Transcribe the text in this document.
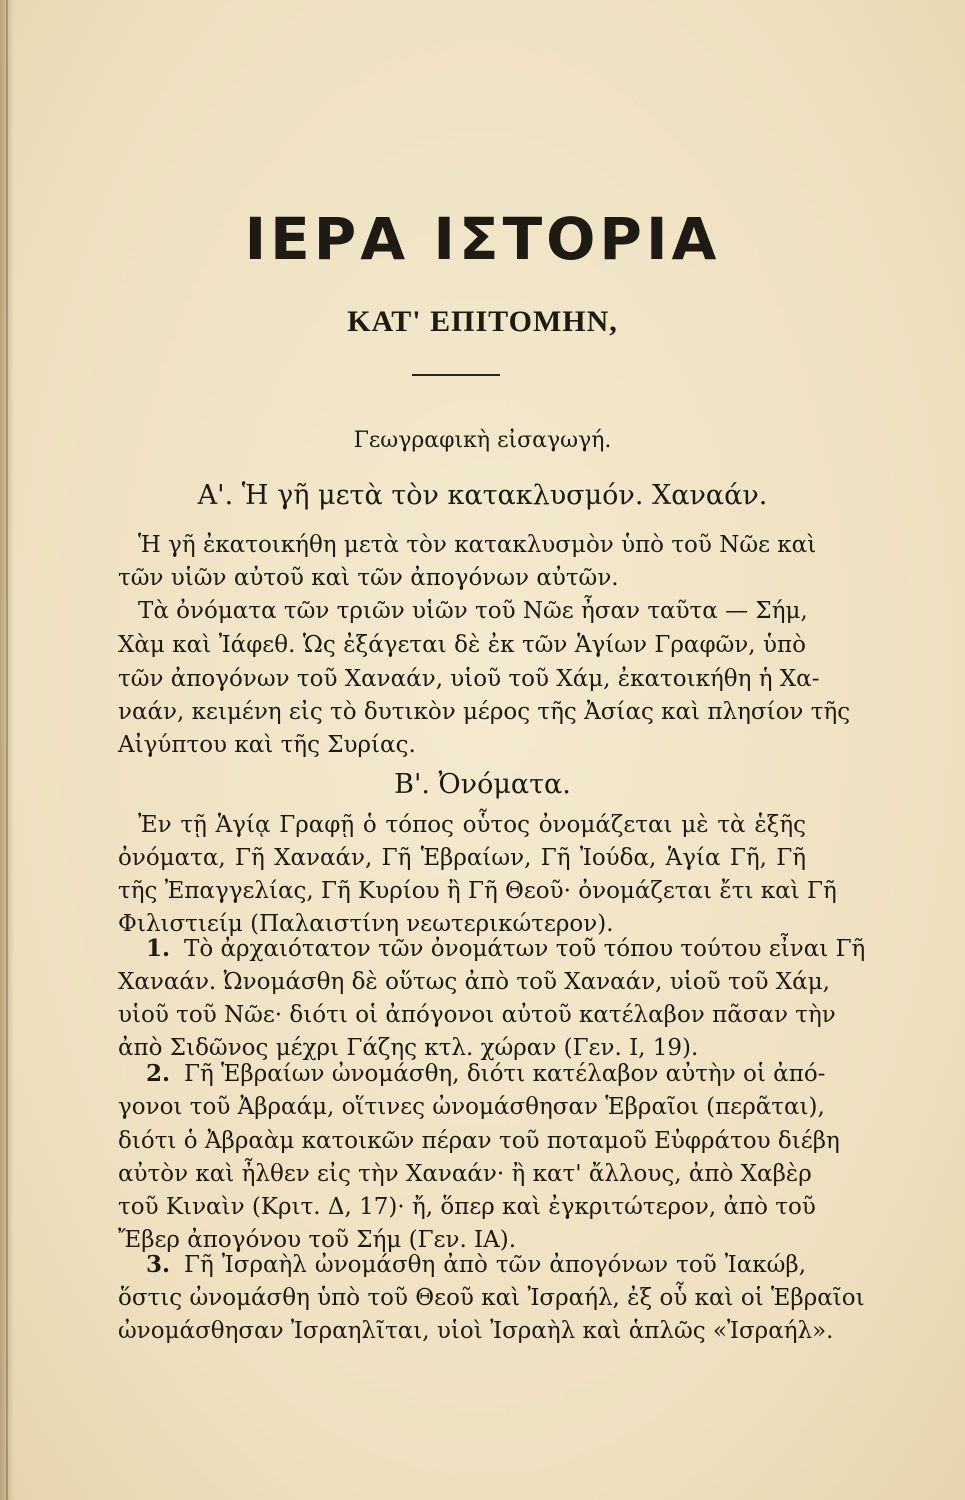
ΙΕΡΑ ΙΣΤΟΡΙΑ
ΚΑΤ' ΕΠΙΤΟΜΗΝ,
Γεωγραφικὴ εἰσαγωγή.
Α'. Ἡ γῆ μετὰ τὸν κατακλυσμόν. Χαναάν.
Ἡ γῆ ἐκατοικήθη μετὰ τὸν κατακλυσμὸν ὑπὸ τοῦ Νῶε καὶ
τῶν υἱῶν αὐτοῦ καὶ τῶν ἀπογόνων αὐτῶν.
Τὰ ὀνόματα τῶν τριῶν υἱῶν τοῦ Νῶε ἦσαν ταῦτα — Σήμ,
Χὰμ καὶ Ἰάφεθ. Ὡς ἐξάγεται δὲ ἐκ τῶν Ἁγίων Γραφῶν, ὑπὸ
τῶν ἀπογόνων τοῦ Χαναάν, υἱοῦ τοῦ Χάμ, ἐκατοικήθη ἡ Χα-
ναάν, κειμένη εἰς τὸ δυτικὸν μέρος τῆς Ἀσίας καὶ πλησίον τῆς
Αἰγύπτου καὶ τῆς Συρίας.
Β'. Ὀνόματα.
Ἐν τῇ Ἁγίᾳ Γραφῇ ὁ τόπος οὗτος ὀνομάζεται μὲ τὰ ἑξῆς
ὀνόματα, Γῆ Χαναάν, Γῆ Ἑβραίων, Γῆ Ἰούδα, Ἁγία Γῆ, Γῆ
τῆς Ἐπαγγελίας, Γῆ Κυρίου ἢ Γῆ Θεοῦ· ὀνομάζεται ἔτι καὶ Γῆ
Φιλιστιείμ (Παλαιστίνη νεωτερικώτερον).
1. Τὸ ἀρχαιότατον τῶν ὀνομάτων τοῦ τόπου τούτου εἶναι Γῆ
Χαναάν. Ὠνομάσθη δὲ οὕτως ἀπὸ τοῦ Χαναάν, υἱοῦ τοῦ Χάμ,
υἱοῦ τοῦ Νῶε· διότι οἱ ἀπόγονοι αὐτοῦ κατέλαβον πᾶσαν τὴν
ἀπὸ Σιδῶνος μέχρι Γάζης κτλ. χώραν (Γεν. Ι, 19).
2. Γῆ Ἑβραίων ὠνομάσθη, διότι κατέλαβον αὐτὴν οἱ ἀπό-
γονοι τοῦ Ἀβραάμ, οἵτινες ὠνομάσθησαν Ἑβραῖοι (περᾶται),
διότι ὁ Ἀβραὰμ κατοικῶν πέραν τοῦ ποταμοῦ Εὐφράτου διέβη
αὐτὸν καὶ ἦλθεν εἰς τὴν Χαναάν· ἢ κατ' ἄλλους, ἀπὸ Χαβὲρ
τοῦ Κιναὶν (Κριτ. Δ, 17)· ἤ, ὅπερ καὶ ἐγκριτώτερον, ἀπὸ τοῦ
Ἔβερ ἀπογόνου τοῦ Σήμ (Γεν. ΙΑ).
3. Γῆ Ἰσραὴλ ὠνομάσθη ἀπὸ τῶν ἀπογόνων τοῦ Ἰακώβ,
ὅστις ὠνομάσθη ὑπὸ τοῦ Θεοῦ καὶ Ἰσραήλ, ἐξ οὗ καὶ οἱ Ἑβραῖοι
ὠνομάσθησαν Ἰσραηλῖται, υἱοὶ Ἰσραὴλ καὶ ἁπλῶς «Ἰσραήλ».
